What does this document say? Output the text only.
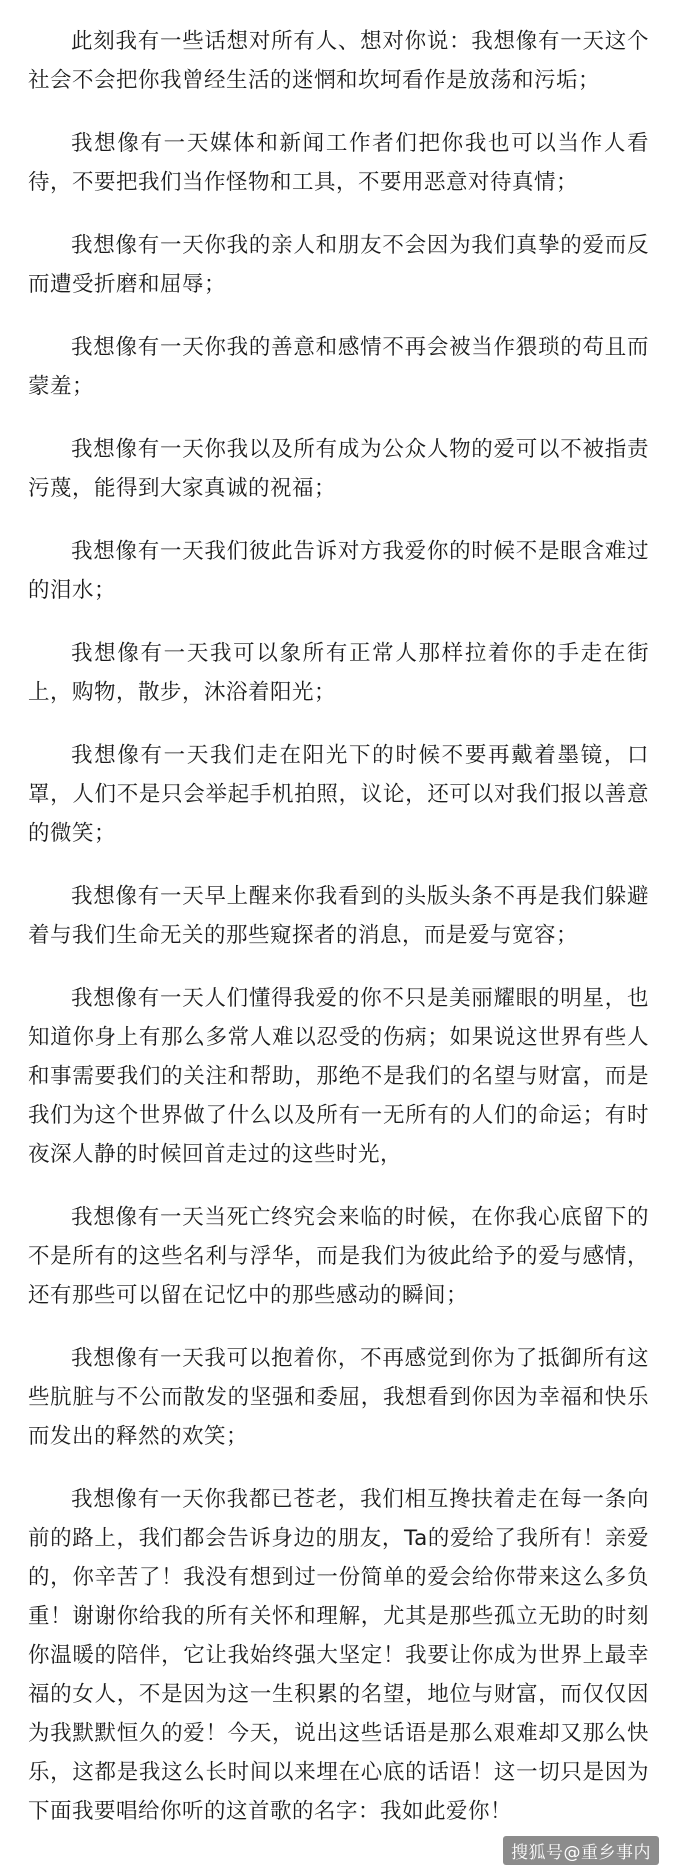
此刻我有一些话想对所有人、想对你说：我想像有一天这个社会不会把你我曾经生活的迷惘和坎坷看作是放荡和污垢；

我想像有一天媒体和新闻工作者们把你我也可以当作人看待，不要把我们当作怪物和工具，不要用恶意对待真情；

我想像有一天你我的亲人和朋友不会因为我们真挚的爱而反而遭受折磨和屈辱；

我想像有一天你我的善意和感情不再会被当作猥琐的苟且而蒙羞；

我想像有一天你我以及所有成为公众人物的爱可以不被指责污蔑，能得到大家真诚的祝福；

我想像有一天我们彼此告诉对方我爱你的时候不是眼含难过的泪水；

我想像有一天我可以象所有正常人那样拉着你的手走在街上，购物，散步，沐浴着阳光；

我想像有一天我们走在阳光下的时候不要再戴着墨镜，口罩，人们不是只会举起手机拍照，议论，还可以对我们报以善意的微笑；

我想像有一天早上醒来你我看到的头版头条不再是我们躲避着与我们生命无关的那些窥探者的消息，而是爱与宽容；

我想像有一天人们懂得我爱的你不只是美丽耀眼的明星，也知道你身上有那么多常人难以忍受的伤病；如果说这世界有些人和事需要我们的关注和帮助，那绝不是我们的名望与财富，而是我们为这个世界做了什么以及所有一无所有的人们的命运；有时夜深人静的时候回首走过的这些时光，

我想像有一天当死亡终究会来临的时候，在你我心底留下的不是所有的这些名利与浮华，而是我们为彼此给予的爱与感情，还有那些可以留在记忆中的那些感动的瞬间；

我想像有一天我可以抱着你，不再感觉到你为了抵御所有这些肮脏与不公而散发的坚强和委屈，我想看到你因为幸福和快乐而发出的释然的欢笑；

我想像有一天你我都已苍老，我们相互搀扶着走在每一条向前的路上，我们都会告诉身边的朋友，Ta的爱给了我所有！亲爱的，你辛苦了！我没有想到过一份简单的爱会给你带来这么多负重！谢谢你给我的所有关怀和理解，尤其是那些孤立无助的时刻你温暖的陪伴，它让我始终强大坚定！我要让你成为世界上最幸福的女人，不是因为这一生积累的名望，地位与财富，而仅仅因为我默默恒久的爱！今天，说出这些话语是那么艰难却又那么快乐，这都是我这么长时间以来埋在心底的话语！这一切只是因为下面我要唱给你听的这首歌的名字：我如此爱你！

搜狐号@重乡事内
